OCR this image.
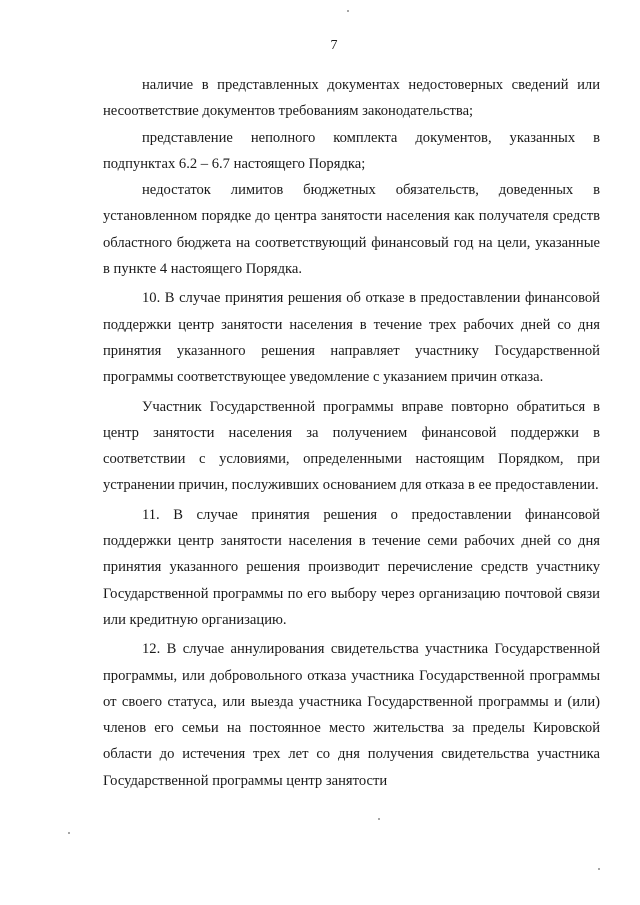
7

наличие в представленных документах недостоверных сведений или несоответствие документов требованиям законодательства;

представление неполного комплекта документов, указанных в подпунктах 6.2 – 6.7 настоящего Порядка;

недостаток лимитов бюджетных обязательств, доведенных в установленном порядке до центра занятости населения как получателя средств областного бюджета на соответствующий финансовый год на цели, указанные в пункте 4 настоящего Порядка.

10. В случае принятия решения об отказе в предоставлении финансовой поддержки центр занятости населения в течение трех рабочих дней со дня принятия указанного решения направляет участнику Государственной программы соответствующее уведомление с указанием причин отказа.

Участник Государственной программы вправе повторно обратиться в центр занятости населения за получением финансовой поддержки в соответствии с условиями, определенными настоящим Порядком, при устранении причин, послуживших основанием для отказа в ее предоставлении.

11. В случае принятия решения о предоставлении финансовой поддержки центр занятости населения в течение семи рабочих дней со дня принятия указанного решения производит перечисление средств участнику Государственной программы по его выбору через организацию почтовой связи или кредитную организацию.

12. В случае аннулирования свидетельства участника Государственной программы, или добровольного отказа участника Государственной программы от своего статуса, или выезда участника Государственной программы и (или) членов его семьи на постоянное место жительства за пределы Кировской области до истечения трех лет со дня получения свидетельства участника Государственной программы центр занятости
